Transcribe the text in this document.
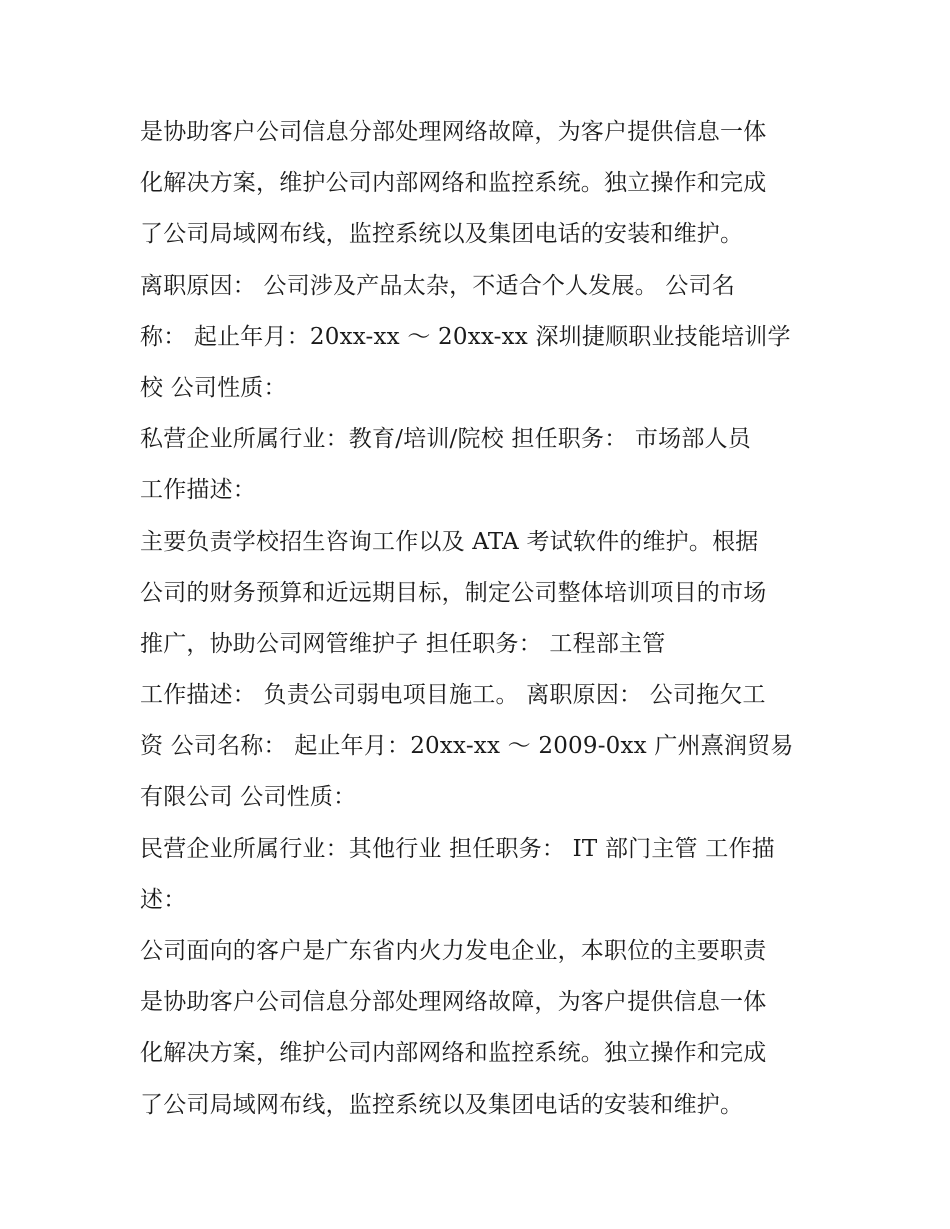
是协助客户公司信息分部处理网络故障，为客户提供信息一体
化解决方案，维护公司内部网络和监控系统。独立操作和完成
了公司局域网布线，监控系统以及集团电话的安装和维护。
离职原因： 公司涉及产品太杂，不适合个人发展。 公司名
称： 起止年月：20xx-xx ～ 20xx-xx 深圳捷顺职业技能培训学
校 公司性质：
私营企业所属行业：教育/培训/院校 担任职务： 市场部人员
工作描述：
主要负责学校招生咨询工作以及 ATA 考试软件的维护。根据
公司的财务预算和近远期目标，制定公司整体培训项目的市场
推广，协助公司网管维护子 担任职务： 工程部主管
工作描述： 负责公司弱电项目施工。 离职原因： 公司拖欠工
资 公司名称： 起止年月：20xx-xx ～ 2009-0xx 广州熹润贸易
有限公司 公司性质：
民营企业所属行业：其他行业 担任职务： IT 部门主管 工作描
述：
公司面向的客户是广东省内火力发电企业，本职位的主要职责
是协助客户公司信息分部处理网络故障，为客户提供信息一体
化解决方案，维护公司内部网络和监控系统。独立操作和完成
了公司局域网布线，监控系统以及集团电话的安装和维护。
